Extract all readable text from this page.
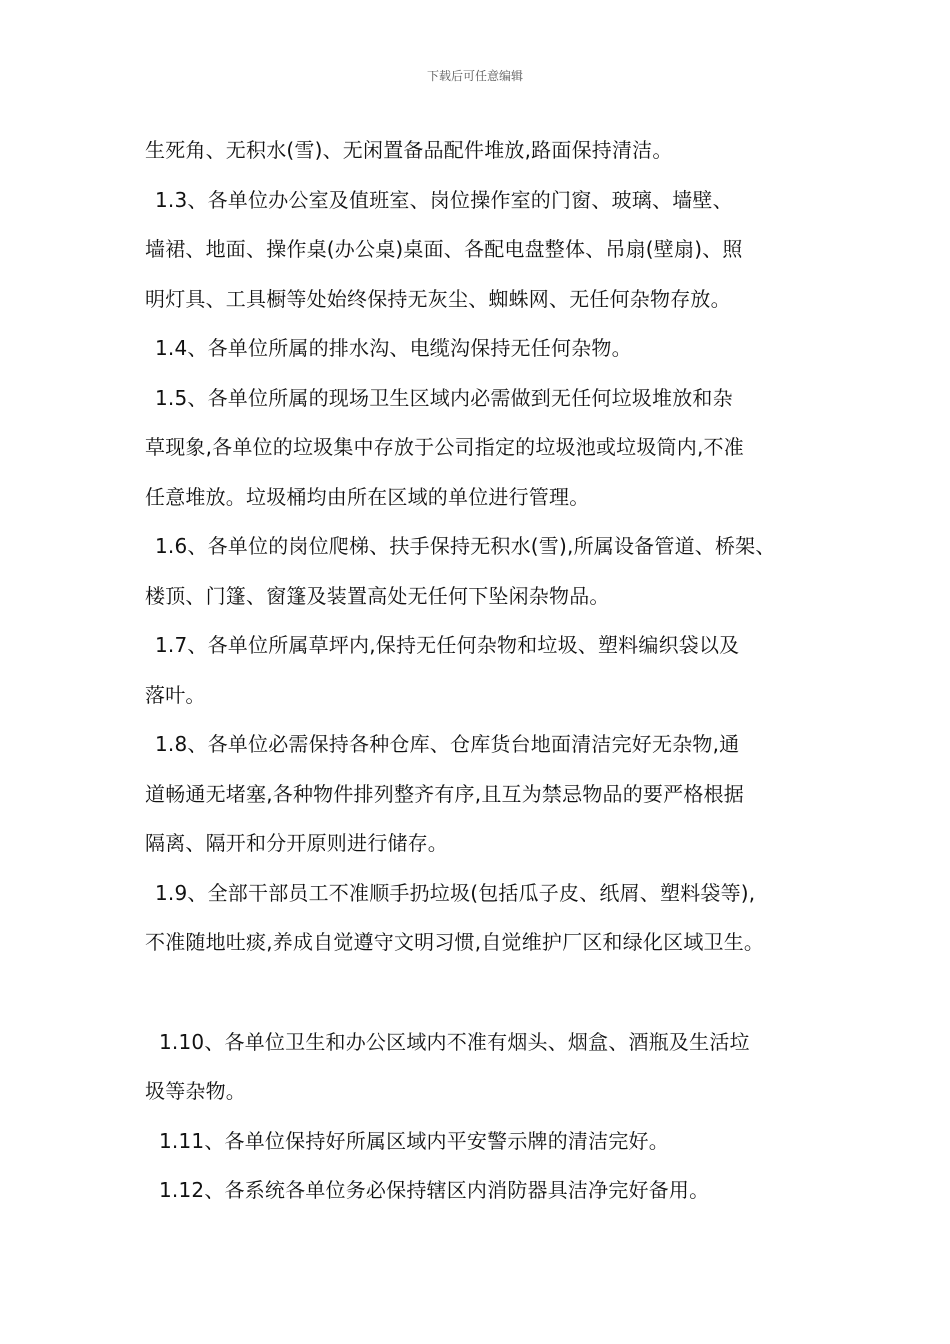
下载后可任意编辑
生死角、无积水(雪)、无闲置备品配件堆放,路面保持清洁。
1.3、各单位办公室及值班室、岗位操作室的门窗、玻璃、墙壁、
墙裙、地面、操作桌(办公桌)桌面、各配电盘整体、吊扇(壁扇)、照
明灯具、工具橱等处始终保持无灰尘、蜘蛛网、无任何杂物存放。
1.4、各单位所属的排水沟、电缆沟保持无任何杂物。
1.5、各单位所属的现场卫生区域内必需做到无任何垃圾堆放和杂
草现象,各单位的垃圾集中存放于公司指定的垃圾池或垃圾筒内,不准
任意堆放。垃圾桶均由所在区域的单位进行管理。
1.6、各单位的岗位爬梯、扶手保持无积水(雪),所属设备管道、桥架、
楼顶、门篷、窗篷及装置高处无任何下坠闲杂物品。
1.7、各单位所属草坪内,保持无任何杂物和垃圾、塑料编织袋以及
落叶。
1.8、各单位必需保持各种仓库、仓库货台地面清洁完好无杂物,通
道畅通无堵塞,各种物件排列整齐有序,且互为禁忌物品的要严格根据
隔离、隔开和分开原则进行储存。
1.9、全部干部员工不准顺手扔垃圾(包括瓜子皮、纸屑、塑料袋等),
不准随地吐痰,养成自觉遵守文明习惯,自觉维护厂区和绿化区域卫生。
1.10、各单位卫生和办公区域内不准有烟头、烟盒、酒瓶及生活垃
圾等杂物。
1.11、各单位保持好所属区域内平安警示牌的清洁完好。
1.12、各系统各单位务必保持辖区内消防器具洁净完好备用。
